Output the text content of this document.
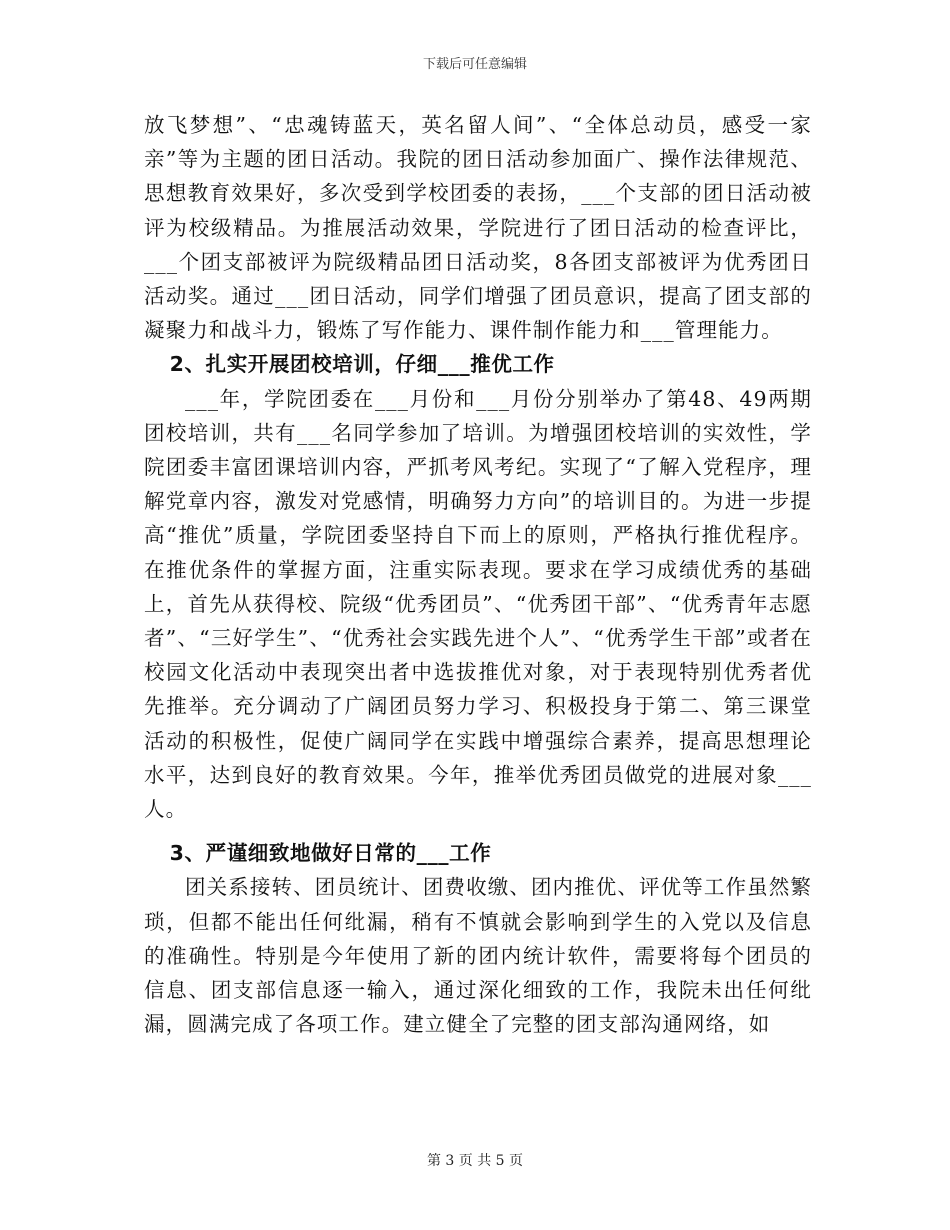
下载后可任意编辑

放飞梦想”、“忠魂铸蓝天，英名留人间”、“全体总动员，感受一家亲”等为主题的团日活动。我院的团日活动参加面广、操作法律规范、思想教育效果好，多次受到学校团委的表扬，___个支部的团日活动被评为校级精品。为推展活动效果，学院进行了团日活动的检查评比，___个团支部被评为院级精品团日活动奖，8各团支部被评为优秀团日活动奖。通过___团日活动，同学们增强了团员意识，提高了团支部的凝聚力和战斗力，锻炼了写作能力、课件制作能力和___管理能力。

2、扎实开展团校培训，仔细___推优工作

___年，学院团委在___月份和___月份分别举办了第48、49两期团校培训，共有___名同学参加了培训。为增强团校培训的实效性，学院团委丰富团课培训内容，严抓考风考纪。实现了“了解入党程序，理解党章内容，激发对党感情，明确努力方向”的培训目的。为进一步提高“推优”质量，学院团委坚持自下而上的原则，严格执行推优程序。在推优条件的掌握方面，注重实际表现。要求在学习成绩优秀的基础上，首先从获得校、院级“优秀团员”、“优秀团干部”、“优秀青年志愿者”、“三好学生”、“优秀社会实践先进个人”、“优秀学生干部”或者在校园文化活动中表现突出者中选拔推优对象，对于表现特别优秀者优先推举。充分调动了广阔团员努力学习、积极投身于第二、第三课堂活动的积极性，促使广阔同学在实践中增强综合素养，提高思想理论水平，达到良好的教育效果。今年，推举优秀团员做党的进展对象___人。

3、严谨细致地做好日常的___工作

团关系接转、团员统计、团费收缴、团内推优、评优等工作虽然繁琐，但都不能出任何纰漏，稍有不慎就会影响到学生的入党以及信息的准确性。特别是今年使用了新的团内统计软件，需要将每个团员的信息、团支部信息逐一输入，通过深化细致的工作，我院未出任何纰漏，圆满完成了各项工作。建立健全了完整的团支部沟通网络，如

第 3 页 共 5 页
